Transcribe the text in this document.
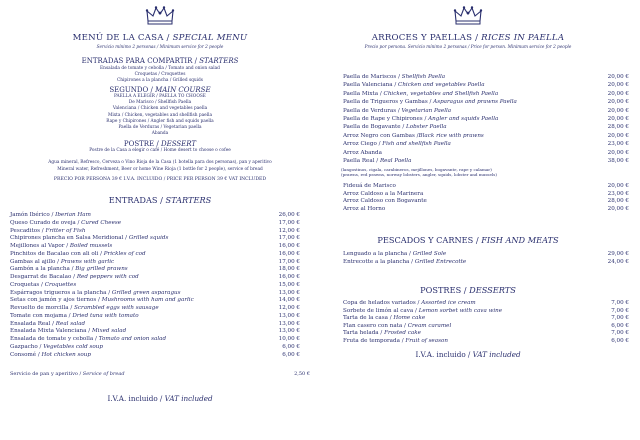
MENÚ DE LA CASA / SPECIAL MENU
Servicio mínimo 2 personas / Minimum service for 2 people
ENTRADAS PARA COMPARTIR / STARTERS
Ensalada de tomate y cebolla / Tomato and onion salad
Croquetas / Croquettes
Chipirones a la plancha / Grilled squids
SEGUNDO / MAIN COURSE
PAELLA A ELEGIR / PAELLA TO CHOOSE
De Marisco / Shellfish Paella
Valenciana / Chicken and vegetables paella
Mixta / Chicken, vegetables and shellfish paella
Rape y Chipirones / Angler fish and squids paella
Paella de Verduras / Vegetarian paella
Abanda
POSTRE / DESSERT
Postre de la Casa a elegir o café / Home desert to choose o cofee
Agua mineral, Refresco, Cerveza o Vino Rioja de la Casa (1 botella para dos personas), pan y aperitivo
Mineral water, Refreshment, Beer or home Wine Rioja (1 bottle for 2 people), service of bread
PRECIO POR PERSONA 39 € I.V.A. INCLUIDO / PRICE PER PERSON 39 € VAT INCLUDED
ENTRADAS / STARTERS
Jamón Ibérico / Iberian Ham	26,00 €
Queso Curado de oveja / Cured Cheese	17,00 €
Pescaditos / Fritter of Fish	12,00 €
Chipirones plancha en Salsa Meridional / Grilled squids	17,00 €
Mejillones al Vapor / Boiled mussels	16,00 €
Pinchitos de Bacalao con ali oli / Prickles of cod	16,00 €
Gambas al ajillo / Prawns with garlic	17,00 €
Gambón a la plancha / Big grilled prawns	18,00 €
Desgarrat de Bacalao / Red peppers with cod	16,00 €
Croquetas / Croquettes	15,00 €
Espárragos trigueros a la plancha / Grilled green asparagus	13,00 €
Setas con jamón y ajos tiernos / Mushrooms with ham and garlic	14,00 €
Revuelto de morcilla / Scrambled eggs with sausage	12,00 €
Tomate con mojama / Dried tuna with tomato	13,00 €
Ensalada Real / Real salad	13,00 €
Ensalada Mixta Valenciana / Mixed salad	13,00 €
Ensalada de tomate y cebolla / Tomato and onion salad	10,00 €
Gazpacho / Vegetables cold soup	6,00 €
Consomé / Hot chicken soup	6,00 €
Servicio de pan y aperitivo / Service of bread	2,50 €
I.V.A. incluido / VAT included
ARROCES Y PAELLAS / RICES IN PAELLA
Precio por persona. Servicio mínimo 2 personas / Price for person. Minimum service for 2 people
Paella de Mariscos / Shellfish Paella	20,00 €
Paella Valenciana / Chicken and vegetables Paella	20,00 €
Paella Mixta / Chicken, vegetables and Shellfish Paella	20,00 €
Paella de Trigueros y Gambas / Asparagus and prawns Paella	20,00 €
Paella de Verduras / Vegetarian Paella	20,00 €
Paella de Rape y Chipirones / Angler and squids Paella	20,00 €
Paella de Bogavante / Lobster Paella	28,00 €
Arroz Negro con Gambas /Black rice with prawns	20,00 €
Arroz Ciego / Fish and shellfish Paella	23,00 €
Arroz Abanda	20,00 €
Paella Real / Real Paella	38,00 €
(langostinos, cigala, carabineros, mejillones, bogavante, rape y calamar)
(prawns, red prawns, norway lobsters, angler, squids, lobster and mussels)
Fideuá de Marisco	20,00 €
Arroz Caldoso a la Marinera	23,00 €
Arroz Caldoso con Bogavante	28,00 €
Arroz al Horno	20,00 €
PESCADOS Y CARNES / FISH AND MEATS
Lenguado a la plancha / Grilled Sole	29,00 €
Entrecotte a la plancha / Grilled Entrecotte	24,00 €
POSTRES / DESSERTS
Copa de helados variados / Assorted ice cream	7,00 €
Sorbete de limón al cava / Lemon sorbet with cava wine	7,00 €
Tarta de la casa / Home cake	7,00 €
Flan casero con nata / Cream caramel	6,00 €
Tarta helada / Frosted cake	7,00 €
Fruta de temporada / Fruit of season	6,00 €
I.V.A. incluido / VAT included
